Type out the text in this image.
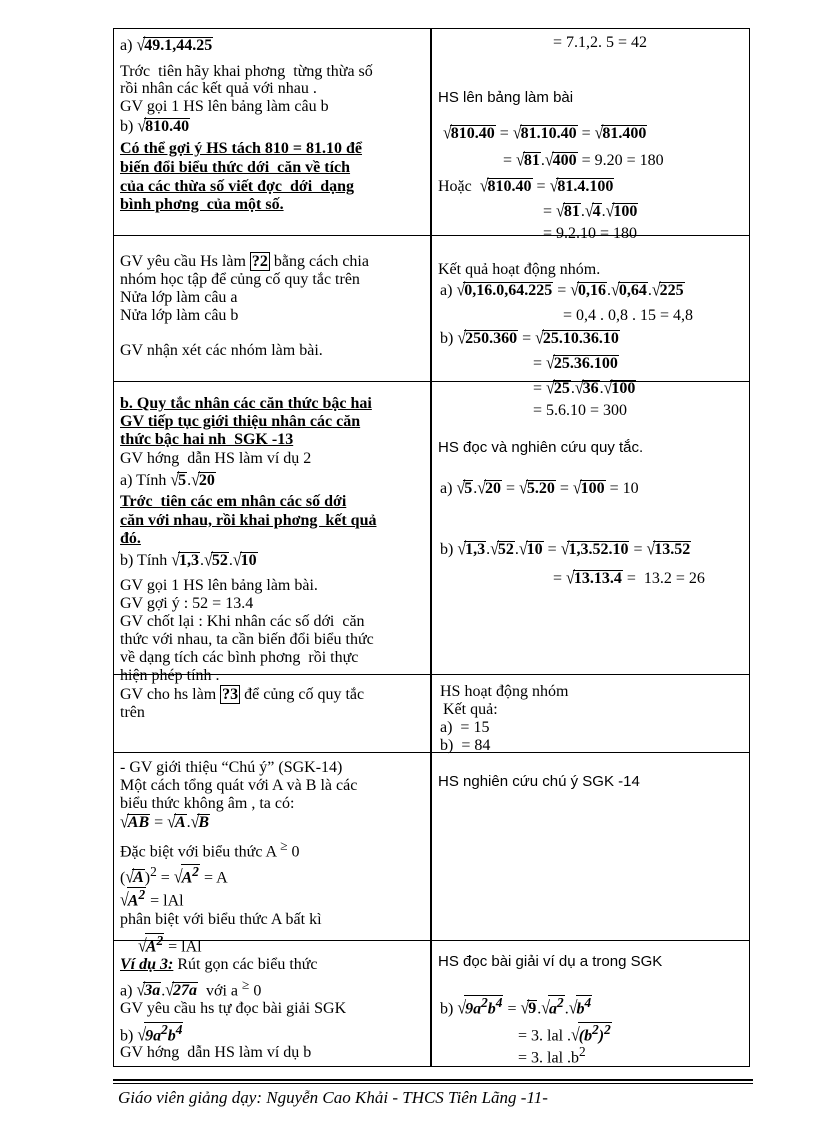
a) √49.1,44.25
Trớc  tiên hãy khai phơng  từng thừa số
rồi nhân các kết quả với nhau .
GV gọi 1 HS lên bảng làm câu b
b) √810.40
Có thể gợi ý HS tách 810 = 81.10 để
biến đổi biểu thức dới  căn về tích
của các thừa số viết đợc  dới  dạng
bình phơng  của một số.
GV yêu cầu Hs làm ?2 bằng cách chia
nhóm học tập để củng cố quy tắc trên
Nửa lớp làm câu a
Nửa lớp làm câu b
GV nhận xét các nhóm làm bài.
b. Quy tắc nhân các căn thức bậc hai
GV tiếp tục giới thiệu nhân các căn
thức bậc hai nh  SGK -13
GV hớng  dẫn HS làm ví dụ 2
a) Tính √5.√20
Trớc  tiên các em nhân các số dới
căn với nhau, rồi khai phơng  kết quả
đó.
b) Tính √1,3.√52.√10
GV gọi 1 HS lên bảng làm bài.
GV gợi ý : 52 = 13.4
GV chốt lại : Khi nhân các số dới  căn
thức với nhau, ta cần biến đổi biểu thức
về dạng tích các bình phơng  rồi thực
hiện phép tính .
GV cho hs làm ?3 để củng cố quy tắc
trên
- GV giới thiệu “Chú ý” (SGK-14)
Một cách tổng quát với A và B là các
biểu thức không âm , ta có:
√AB = √A.√B
Đặc biệt với biểu thức A ≥ 0
$(√A)^2 = √A^2 = A$
$√A^2$ = lAl
phân biệt với biểu thức A bất kì
$√A^2$ = lAl
Ví dụ 3: Rút gọn các biểu thức
a) √3a.√27a  với a ≥ 0
GV yêu cầu hs tự đọc bài giải SGK
b) $√9a^2b^4$
GV hớng  dẫn HS làm ví dụ b
= 7.1,2. 5 = 42
HS lên bảng làm bài
√810.40 = √81.10.40 = √81.400
= √81.√400 = 9.20 = 180
Hoặc  √810.40 = √81.4.100
= √81.√4.√100
= 9.2.10 = 180
Kết quả hoạt động nhóm.
a) √0,16.0,64.225 = √0,16.√0,64.√225
= 0,4 . 0,8 . 15 = 4,8
b) √250.360 = √25.10.36.10
= √25.36.100
= √25.√36.√100
= 5.6.10 = 300
HS đọc và nghiên cứu quy tắc.
a) √5.√20 = √5.20 = √100 = 10
b) √1,3.√52.√10 = √1,3.52.10 = √13.52
= √13.13.4 =  13.2 = 26
HS hoạt động nhóm
Kết quả:
a)  = 15
b)  = 84
HS nghiên cứu chú ý SGK -14
HS đọc bài giải ví dụ a trong SGK
b) $√9a^2b^4 = √9.√a^2.√b^4$
= 3. lal $.√(b^2)^2$
= 3. lal $.b^2$
Giáo viên giảng dạy: Nguyễn Cao Khải - THCS Tiên Lãng -11-
